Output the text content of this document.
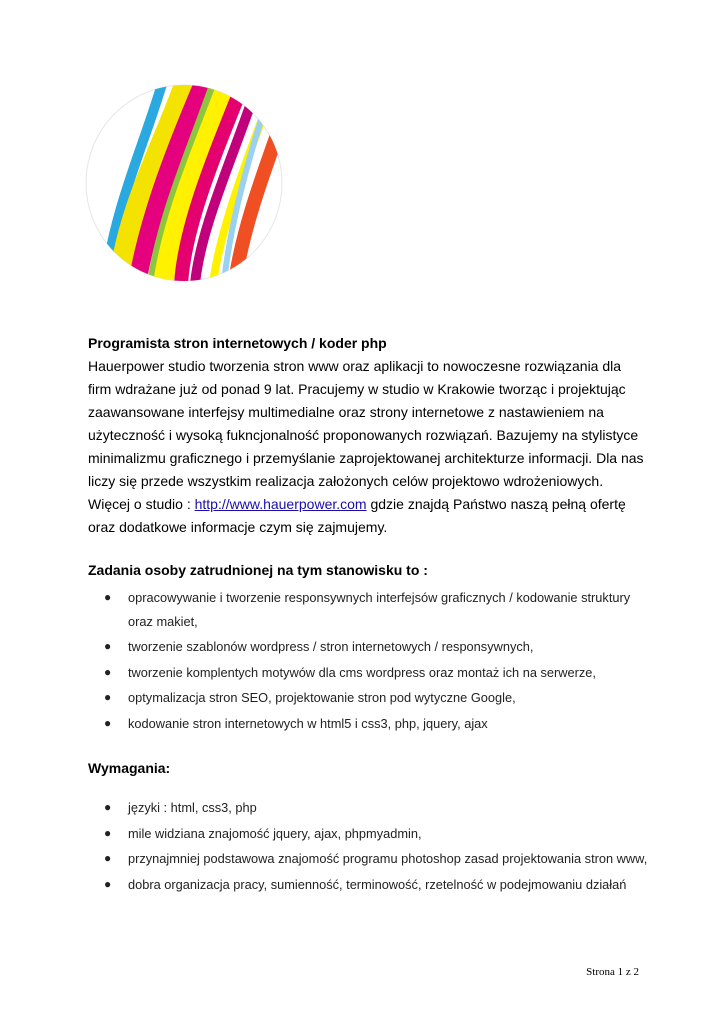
Programista stron internetowych / koder php

Hauerpower studio tworzenia stron www oraz aplikacji to nowoczesne rozwiązania dla firm wdrażane już od ponad 9 lat. Pracujemy w studio w Krakowie tworząc i projektując zaawansowane interfejsy multimedialne oraz strony internetowe z nastawieniem na użyteczność i wysoką fukncjonalność proponowanych rozwiązań. Bazujemy na stylistyce minimalizmu graficznego i przemyślanie zaprojektowanej architekturze informacji. Dla nas liczy się przede wszystkim realizacja założonych celów projektowo wdrożeniowych.
Więcej o studio : http://www.hauerpower.com gdzie znajdą Państwo naszą pełną ofertę oraz dodatkowe informacje czym się zajmujemy.

Zadania osoby zatrudnionej na tym stanowisku to :

● opracowywanie i tworzenie responsywnych interfejsów graficznych / kodowanie struktury oraz makiet,
● tworzenie szablonów wordpress / stron internetowych / responsywnych,
● tworzenie komplentych motywów dla cms wordpress oraz montaż ich na serwerze,
● optymalizacja stron SEO, projektowanie stron pod wytyczne Google,
● kodowanie stron internetowych w html5 i css3, php, jquery, ajax

Wymagania:

● języki : html, css3, php
● mile widziana znajomość jquery, ajax, phpmyadmin,
● przynajmniej podstawowa znajomość programu photoshop zasad projektowania stron www,
● dobra organizacja pracy, sumienność, terminowość, rzetelność w podejmowaniu działań
Strona 1 z 2
